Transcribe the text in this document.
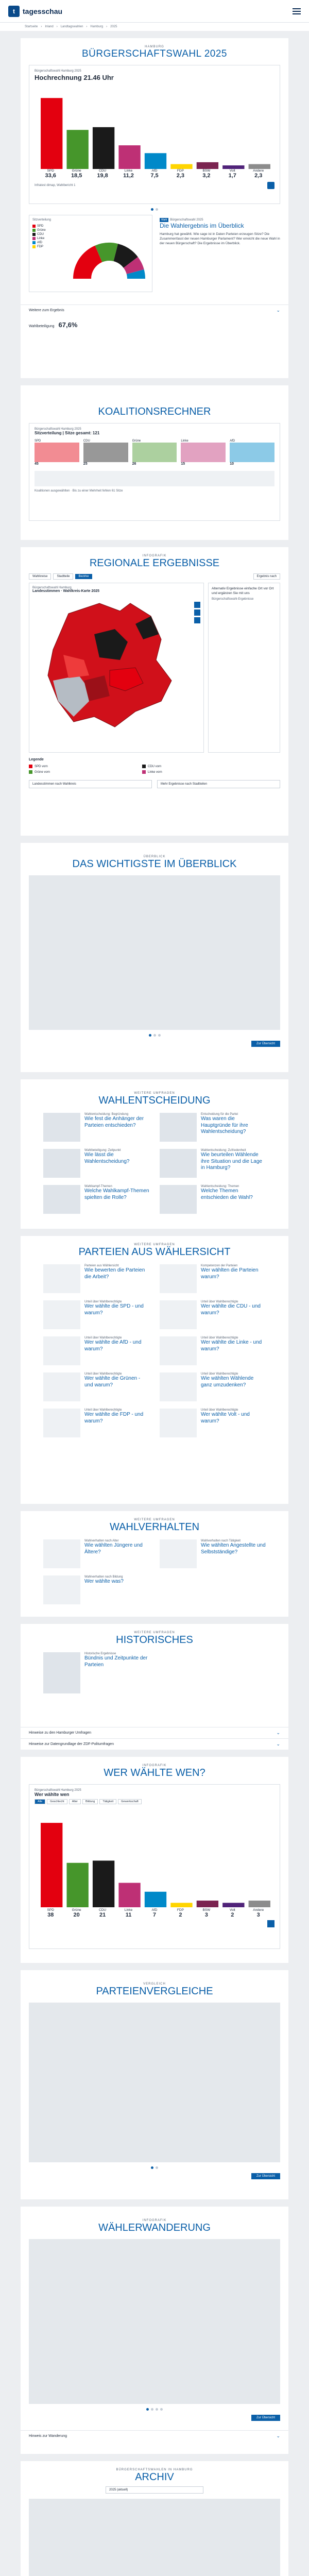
t tagesschau
Startseite › Inland › Landtagswahlen › Hamburg › 2025
HAMBURG
BÜRGERSCHAFTSWAHL 2025
Bürgerschaftswahl Hamburg 2025
Hochrechnung 21.46 Uhr
SPD
33,6
Grüne
18,5
CDU
19,8
Linke
11,2
AfD
7,5
FDP
2,3
BSW
3,2
Volt
1,7
Andere
2,3
Infratest dimap, Wahlbericht 1
Sitzverteilung
SPD
Grüne
CDU
Linke
AfD
FDP
Wahl Bürgerschaftswahl 2025
Die Wahlergebnis im Überblick
Hamburg hat gewählt. Wie sage ist in Daten Parteien erzeugen Sitze? Die Zusammenfasst der neuen Hamburger Parlament? Wer erreicht die neue Wahl in der neuen Bürgerschaft? Die Ergebnisse im Überblick.
Weitere zum Ergebnis	⌄
Wahlbeteiligung 67,6%
KOALITIONSRECHNER
Bürgerschaftswahl Hamburg 2025
Sitzverteilung | Sitze gesamt: 121
SPD
45
CDU
25
Grüne
26
Linke
15
AfD
10
Koalitionen ausgewählten · Bis zu einer Mehrheit fehlen 61 Sitze
INFOGRAFIK
REGIONALE ERGEBNISSE
Wahlkreise	Stadtteile	Bezirke	Ergebnis nach
Bürgerschaftswahl Hamburg
Landesstimmen · Wahlkreis-Karte 2025
Alternativ Ergebnisse einfache Ort vor Ort und ergänzen Sie mit uns
Bürgerschaftswahl-Ergebnisse
Legende
SPD vorn	CDU vorn
Grüne vorn	Linke vorn
Landesstimmen nach Wahlkreis	Mehr Ergebnisse nach Stadtteilen
ÜBERBLICK
DAS WICHTIGSTE IM ÜBERBLICK
Zur Übersicht
WEITERE UMFRAGEN
WAHLENTSCHEIDUNG
Wahlentscheidung: Begründung
Wie fest die Anhänger der Parteien entschieden?
Entscheidung für die Partei
Was waren die Hauptgründe für ihre Wahlentscheidung?
Wahlbeteiligung: Zeitpunkt
Wie lässt die Wahlentscheidung?
Wahlentscheidung: Zufriedenheit
Wie beurteilen Wählende ihre Situation und die Lage in Hamburg?
Wahlkampf-Themen
Welche Wahlkampf-Themen spielten die Rolle?
Wahlentscheidung: Themen
Welche Themen entschieden die Wahl?
WEITERE UMFRAGEN
PARTEIEN AUS WÄHLERSICHT
Parteien aus Wählersicht
Wie bewerten die Parteien die Arbeit?
Kompetenzen der Parteien
Wer wählten die Parteien warum?
Urteil über Wahlberechtigte
Wer wählte die SPD - und warum?
Urteil über Wahlberechtigte
Wer wählte die CDU - und warum?
Urteil über Wahlberechtigte
Wer wählte die AfD - und warum?
Urteil über Wahlberechtigte
Wer wählte die Linke - und warum?
Urteil über Wahlberechtigte
Wer wählte die Grünen - und warum?
Urteil über Wahlberechtigte
Wie wählten Wählende ganz umzudenken?
Urteil über Wahlberechtigte
Wer wählte die FDP - und warum?
Urteil über Wahlberechtigte
Wer wählte Volt - und warum?
WEITERE UMFRAGEN
WAHLVERHALTEN
Wahlverhalten nach Alter
Wie wählten Jüngere und Ältere?
Wahlverhalten nach Tätigkeit
Wie wählten Angestellte und Selbstständige?
Wahlverhalten nach Bildung
Wer wählte was?
WEITERE UMFRAGEN
HISTORISCHES
Historische Ergebnisse
Bündnis und Zeitpunkte der Parteien
Hinweise zu den Hamburger Umfragen	⌄
Hinweise zur Datengrundlage der ZDF-Politumfragen	⌄
INFOGRAFIK
WER WÄHLTE WEN?
Bürgerschaftswahl Hamburg 2025
Wer wählte wen
Alle	Geschlecht	Alter	Bildung	Tätigkeit	Gewerkschaft
SPD
38
Grüne
20
CDU
21
Linke
11
AfD
7
FDP
2
BSW
3
Volt
2
Andere
3
VERGLEICH
PARTEIENVERGLEICHE
Zur Übersicht
INFOGRAFIK
WÄHLERWANDERUNG
Zur Übersicht
Hinweis zur Wanderung	⌄
BÜRGERSCHAFTSWAHLEN IN HAMBURG
ARCHIV
2025 (aktuell)
